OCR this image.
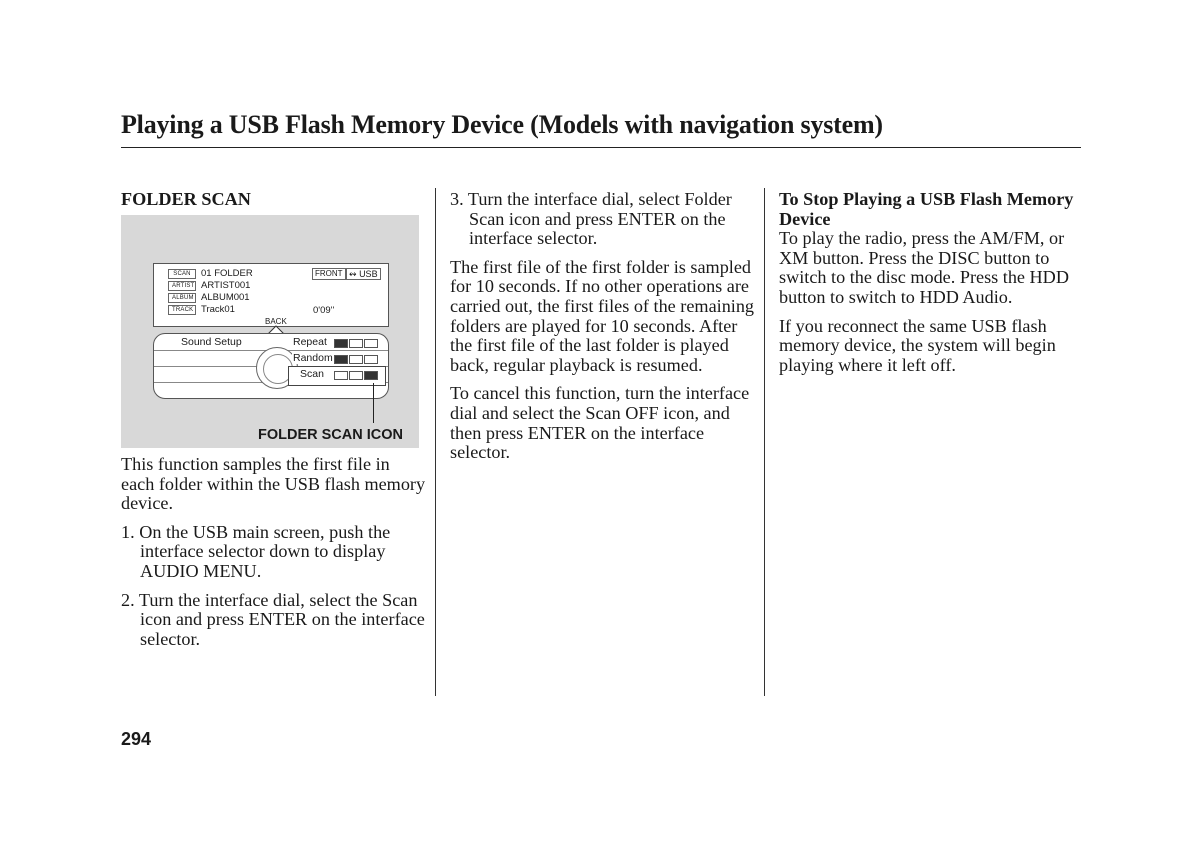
Playing a USB Flash Memory Device (Models with navigation system)

FOLDER SCAN

SCAN	01 FOLDER
ARTIST ARTIST001
ALBUM ALBUM001
TRACK Track01	0'09''
FRONT ↭ USB
BACK
Sound Setup	Repeat
Random
Scan
FOLDER SCAN ICON

This function samples the first file in each folder within the USB flash memory device.

1. On the USB main screen, push the interface selector down to display AUDIO MENU.

2. Turn the interface dial, select the Scan icon and press ENTER on the interface selector.

3. Turn the interface dial, select Folder Scan icon and press ENTER on the interface selector.

The first file of the first folder is sampled for 10 seconds. If no other operations are carried out, the first files of the remaining folders are played for 10 seconds. After the first file of the last folder is played back, regular playback is resumed.

To cancel this function, turn the interface dial and select the Scan OFF icon, and then press ENTER on the interface selector.

To Stop Playing a USB Flash Memory Device

To play the radio, press the AM/FM, or XM button. Press the DISC button to switch to the disc mode. Press the HDD button to switch to HDD Audio.

If you reconnect the same USB flash memory device, the system will begin playing where it left off.

294
